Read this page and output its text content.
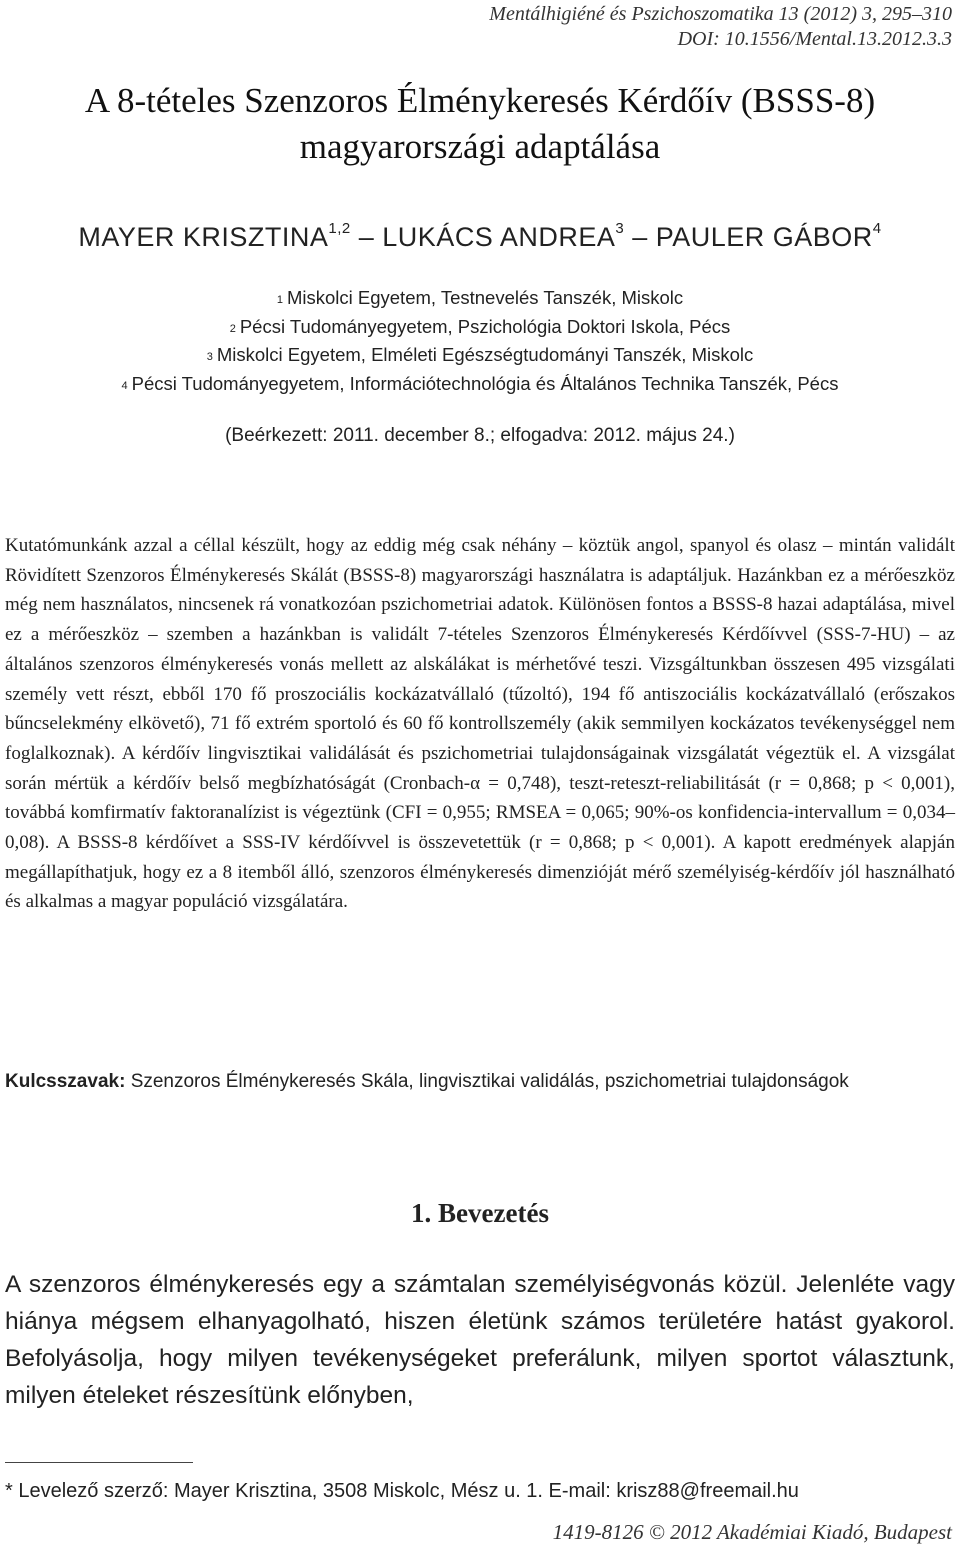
Mentálhigiéné és Pszichoszomatika 13 (2012) 3, 295–310
DOI: 10.1556/Mental.13.2012.3.3
A 8-tételes Szenzoros Élménykeresés Kérdőív (BSSS-8)
magyarországi adaptálása
MAYER KRISZTINA$^{1,2}$ – LUKÁCS ANDREA$^3$ – PAULER GÁBOR$^4$
$^1$ Miskolci Egyetem, Testnevelés Tanszék, Miskolc
$^2$ Pécsi Tudományegyetem, Pszichológia Doktori Iskola, Pécs
$^3$ Miskolci Egyetem, Elméleti Egészségtudományi Tanszék, Miskolc
$^4$ Pécsi Tudományegyetem, Információtechnológia és Általános Technika Tanszék, Pécs
(Beérkezett: 2011. december 8.; elfogadva: 2012. május 24.)

Kutatómunkánk azzal a céllal készült, hogy az eddig még csak néhány – köztük angol, spanyol és olasz – mintán validált Rövidített Szenzoros Élménykeresés Skálát (BSSS-8) magyarországi használatra is adaptáljuk. Hazánkban ez a mérőeszköz még nem használatos, nincsenek rá vonatkozóan pszichometriai adatok. Különösen fontos a BSSS-8 hazai adaptálása, mivel ez a mérőeszköz – szemben a hazánkban is validált 7-tételes Szenzoros Élménykeresés Kérdőívvel (SSS-7-HU) – az általános szenzoros élménykeresés vonás mellett az alskálákat is mérhetővé teszi. Vizsgáltunkban összesen 495 vizsgálati személy vett részt, ebből 170 fő proszociális kockázatvállaló (tűzoltó), 194 fő antiszociális kockázatvállaló (erőszakos bűncselekmény elkövető), 71 fő extrém sportoló és 60 fő kontrollszemély (akik semmilyen kockázatos tevékenységgel nem foglalkoznak). A kérdőív lingvisztikai validálását és pszichometriai tulajdonságainak vizsgálatát végeztük el. A vizsgálat során mértük a kérdőív belső megbízhatóságát (Cronbach-α = 0,748), teszt-reteszt-reliabilitását (r = 0,868; p < 0,001), továbbá komfirmatív faktoranalízist is végeztünk (CFI = 0,955; RMSEA = 0,065; 90%-os konfidencia-intervallum = 0,034–0,08). A BSSS-8 kérdőívet a SSS-IV kérdőívvel is összevetettük (r = 0,868; p < 0,001). A kapott eredmények alapján megállapíthatjuk, hogy ez a 8 itemből álló, szenzoros élménykeresés dimenzióját mérő személyiség-kérdőív jól használható és alkalmas a magyar populáció vizsgálatára.

Kulcsszavak: Szenzoros Élménykeresés Skála, lingvisztikai validálás, pszichometriai tulajdonságok

1. Bevezetés

A szenzoros élménykeresés egy a számtalan személyiségvonás közül. Jelenléte vagy hiánya mégsem elhanyagolható, hiszen életünk számos területére hatást gyakorol. Befolyásolja, hogy milyen tevékenységeket preferálunk, milyen sportot választunk, milyen ételeket részesítünk előnyben,

* Levelező szerző: Mayer Krisztina, 3508 Miskolc, Mész u. 1. E-mail: krisz88@freemail.hu
1419-8126 © 2012 Akadémiai Kiadó, Budapest
